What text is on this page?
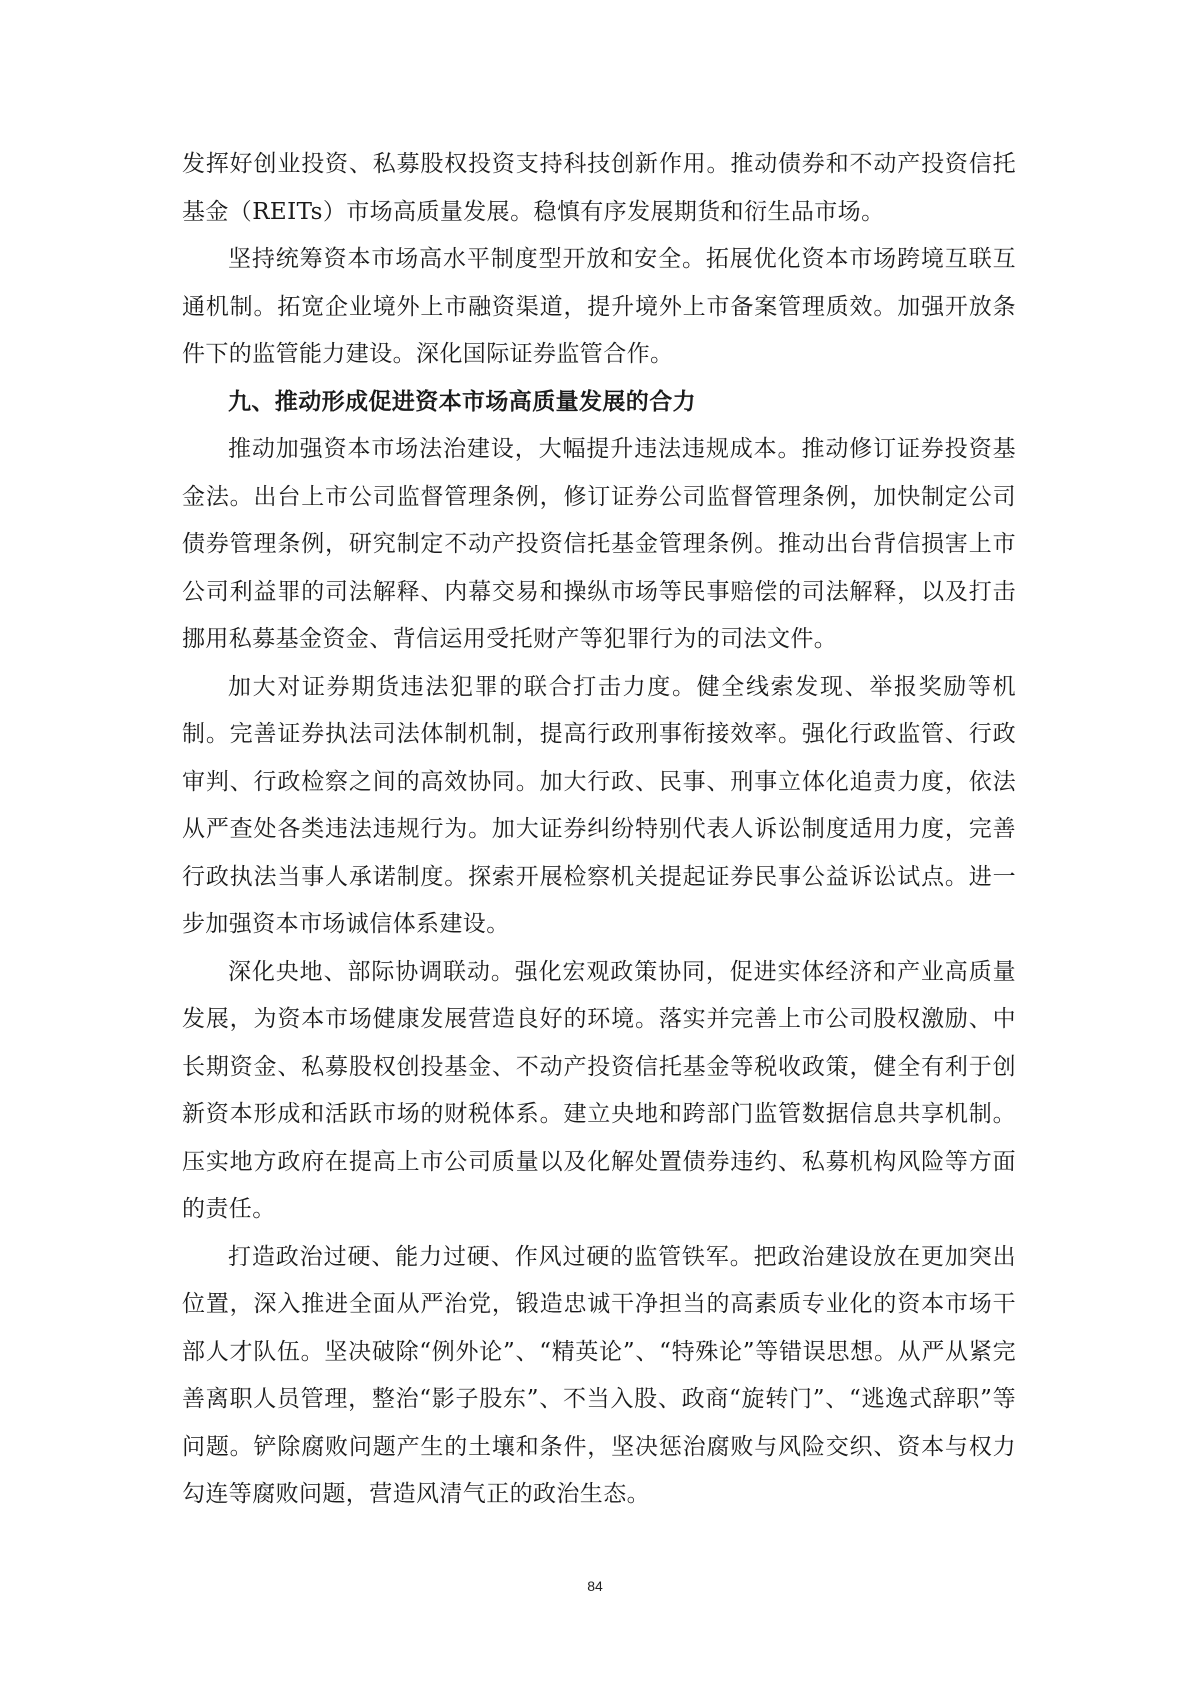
发挥好创业投资、私募股权投资支持科技创新作用。推动债券和不动产投资信托基金（REITs）市场高质量发展。稳慎有序发展期货和衍生品市场。

坚持统筹资本市场高水平制度型开放和安全。拓展优化资本市场跨境互联互通机制。拓宽企业境外上市融资渠道，提升境外上市备案管理质效。加强开放条件下的监管能力建设。深化国际证券监管合作。

九、推动形成促进资本市场高质量发展的合力

推动加强资本市场法治建设，大幅提升违法违规成本。推动修订证券投资基金法。出台上市公司监督管理条例，修订证券公司监督管理条例，加快制定公司债券管理条例，研究制定不动产投资信托基金管理条例。推动出台背信损害上市公司利益罪的司法解释、内幕交易和操纵市场等民事赔偿的司法解释，以及打击挪用私募基金资金、背信运用受托财产等犯罪行为的司法文件。

加大对证券期货违法犯罪的联合打击力度。健全线索发现、举报奖励等机制。完善证券执法司法体制机制，提高行政刑事衔接效率。强化行政监管、行政审判、行政检察之间的高效协同。加大行政、民事、刑事立体化追责力度，依法从严查处各类违法违规行为。加大证券纠纷特别代表人诉讼制度适用力度，完善行政执法当事人承诺制度。探索开展检察机关提起证券民事公益诉讼试点。进一步加强资本市场诚信体系建设。

深化央地、部际协调联动。强化宏观政策协同，促进实体经济和产业高质量发展，为资本市场健康发展营造良好的环境。落实并完善上市公司股权激励、中长期资金、私募股权创投基金、不动产投资信托基金等税收政策，健全有利于创新资本形成和活跃市场的财税体系。建立央地和跨部门监管数据信息共享机制。压实地方政府在提高上市公司质量以及化解处置债券违约、私募机构风险等方面的责任。

打造政治过硬、能力过硬、作风过硬的监管铁军。把政治建设放在更加突出位置，深入推进全面从严治党，锻造忠诚干净担当的高素质专业化的资本市场干部人才队伍。坚决破除“例外论”、“精英论”、“特殊论”等错误思想。从严从紧完善离职人员管理，整治“影子股东”、不当入股、政商“旋转门”、“逃逸式辞职”等问题。铲除腐败问题产生的土壤和条件，坚决惩治腐败与风险交织、资本与权力勾连等腐败问题，营造风清气正的政治生态。

84
